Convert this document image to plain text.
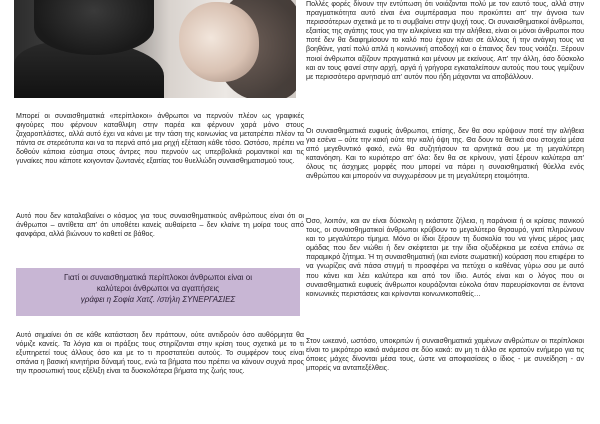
Μπορεί οι συναισθηματικά «περίπλοκοι» άνθρωποι να περνούν πλέον ως γραφικές φιγούρες που φέρνουν καταθλιψη στην παρέα και φέρνουν χαρά μόνο στους ζαχαροπλάστες, αλλά αυτό έχει να κάνει με την τάση της κοινωνίας να μετατρέπει πλέον τα πάντα σε στερεότυπα και να τα περνά από μια ρηχή εξέταση κάθε τόσο. Ωστόσο, πρέπει να δοθούν κάποια εύσημα στους άντρες που περνούν ως υπερβολικά ρομαντικοί και τις γυναίκες που κάποτε κοιγονταν ζωντανές εξαιτίας του θυελλώδη συναισθηματισμού τους.

Αυτό που δεν καταλαβαίνει ο κόσμος για τους συναισθηματικούς ανθρώπους είναι ότι οι άνθρωποι – αντίθετα απ' ότι υποθέτει κανείς αυθαίρετα – δεν κλαίνε τη μοίρα τους από φανφάρα, αλλά βιώνουν το καθετί σε βάθος.

Γιατί οι συναισθηματικά περίπλοκοι άνθρωποι είναι οι
καλύτεροι άνθρωποι να αγαπήσεις
γράφει η Σοφία Χατζ. /στήλη ΣΥΝΕΡΓΑΣΙΕΣ

Αυτό σημαίνει ότι σε κάθε κατάσταση δεν πράττουν, ούτε αντιδρούν όσο αυθόρμητα θα νόμιζε κανείς. Τα λόγια και οι πράξεις τους στηρίζονται στην κρίση τους σχετικά με το τι εξυπηρετεί τους άλλους όσο και με το τι προστατεύει αυτούς. Το συμφέρον τους είναι σπάνια η βασική κινητήρια δύναμή τους, ενώ τα βήματα που πρέπει να κάνουν συχνά προς την προσωπική τους εξέλιξη είναι τα δυσκολότερα βήματα της ζωής τους.

Πολλές φορές δίνουν την εντύπωση ότι νοιάζονται πολύ με τον εαυτό τους, αλλά στην πραγματικότητα αυτό είναι ένα συμπέρασμα που προκύπτει απ' την άγνοια των περισσότερων σχετικά με το τι συμβαίνει στην ψυχή τους. Οι συναισθηματικοί άνθρωποι, εξαιτίας της αγάπης τους για την ειλικρίνεια και την αλήθεια, είναι οι μόνοι άνθρωποι που ποτέ δεν θα διαφημίσουν το καλό που έχουν κάνει σε άλλους ή την ανάγκη τους να βοηθάνε, γιατί πολύ απλά η κοινωνική αποδοχή και ο έπαινος δεν τους νοιάζει. Ξέρουν ποιοί άνθρωποι αξίζουν πραγματικά και μένουν με εκείνους. Απ' την άλλη, όσο δύσκολο και αν τους φανεί στην αρχή, αργά ή γρήγορα εγκαταλείπουν αυτούς που τους γεμίζουν με περισσότερο αρνητισμό απ' αυτόν που ήδη μάχονται να αποβάλλουν.

Οι συναισθηματικά ευφυείς άνθρωποι, επίσης, δεν θα σου κρύψουν ποτέ την αλήθεια για εσένα – ούτε την κακή ούτε την καλή όψη της. Θα δουν τα θετικά σου στοιχεία μέσα από μεγεθυντικό φακό, ενώ θα συζητήσουν τα αρνητικά σου με τη μεγαλύτερη κατανόηση. Και το κυριότερο απ' όλα: δεν θα σε κρίνουν, γιατί ξέρουν καλύτερα απ' όλους τις άσχημες μορφές που μπορεί να πάρει η συναισθηματική θύελλα ενός ανθρώπου και μπορούν να συγχωρέσουν με τη μεγαλύτερη ετοιμότητα.

Όσο, λοιπόν, και αν είναι δύσκολη η εκάστοτε ζήλεια, η παράνοια ή οι κρίσεις πανικού τους, οι συναισθηματικοί άνθρωποι κρύβουν το μεγαλύτερο θησαυρό, γιατί πληρώνουν και το μεγαλύτερο τίμημα. Μόνο οι ίδιοι ξέρουν τη δυσκολία του να γίνεις μέρος μιας ομάδας που δεν νιώθει ή δεν σκέφτεται με την ίδια οξυδέρκεια με εσένα επάνω σε παραμικρό ζήτημα. Ή τη συναισθηματική (και ενίοτε σωματική) κούραση που επιφέρει το να γνωρίζεις ανά πάσα στιγμή τι προσφέρει να πετύχει ο καθένας γύρω σου με αυτό που κάνει και λέει καλύτερα και από τον ίδιο. Αυτός είναι και ο λόγος που οι συναισθηματικά ευφυείς άνθρωποι κουράζονται εύκολα όταν παρευρίσκονται σε έντονα κοινωνικές περιστάσεις και κρίνονται κοινωνικοπαθείς…

Στον ωκεανό, ωστόσο, υποκριτών ή συναισθηματικά χαμένων ανθρώπων οι περίπλοκοι είναι το μικρότερο κακό ανάμεσα σε δύο κακά: αν μη τι άλλο σε κρατούν ενήμερο για τις όποιες μάχες δίνονται μέσα τους, ώστε να αποφασίσεις ο ίδιος - με συνείδηση - αν μπορείς να ανταπεξέλθεις.
